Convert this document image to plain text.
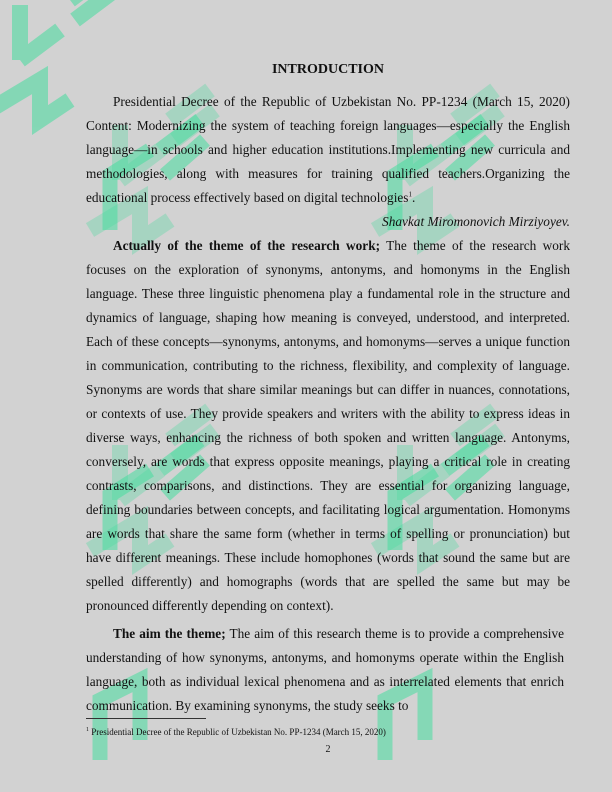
INTRODUCTION

Presidential Decree of the Republic of Uzbekistan No. PP-1234 (March 15, 2020) Content: Modernizing the system of teaching foreign languages—especially the English language—in schools and higher education institutions.Implementing new curricula and methodologies, along with measures for training qualified teachers.Organizing the educational process effectively based on digital technologies$^1$.

Shavkat Miromonovich Mirziyoyev.

Actually of the theme of the research work; The theme of the research work focuses on the exploration of synonyms, antonyms, and homonyms in the English language. These three linguistic phenomena play a fundamental role in the structure and dynamics of language, shaping how meaning is conveyed, understood, and interpreted. Each of these concepts—synonyms, antonyms, and homonyms—serves a unique function in communication, contributing to the richness, flexibility, and complexity of language. Synonyms are words that share similar meanings but can differ in nuances, connotations, or contexts of use. They provide speakers and writers with the ability to express ideas in diverse ways, enhancing the richness of both spoken and written language. Antonyms, conversely, are words that express opposite meanings, playing a critical role in creating contrasts, comparisons, and distinctions. They are essential for organizing language, defining boundaries between concepts, and facilitating logical argumentation. Homonyms are words that share the same form (whether in terms of spelling or pronunciation) but have different meanings. These include homophones (words that sound the same but are spelled differently) and homographs (words that are spelled the same but may be pronounced differently depending on context).

The aim the theme; The aim of this research theme is to provide a comprehensive understanding of how synonyms, antonyms, and homonyms operate within the English language, both as individual lexical phenomena and as interrelated elements that enrich communication. By examining synonyms, the study seeks to

$^1$ Presidential Decree of the Republic of Uzbekistan No. PP-1234 (March 15, 2020)
2
